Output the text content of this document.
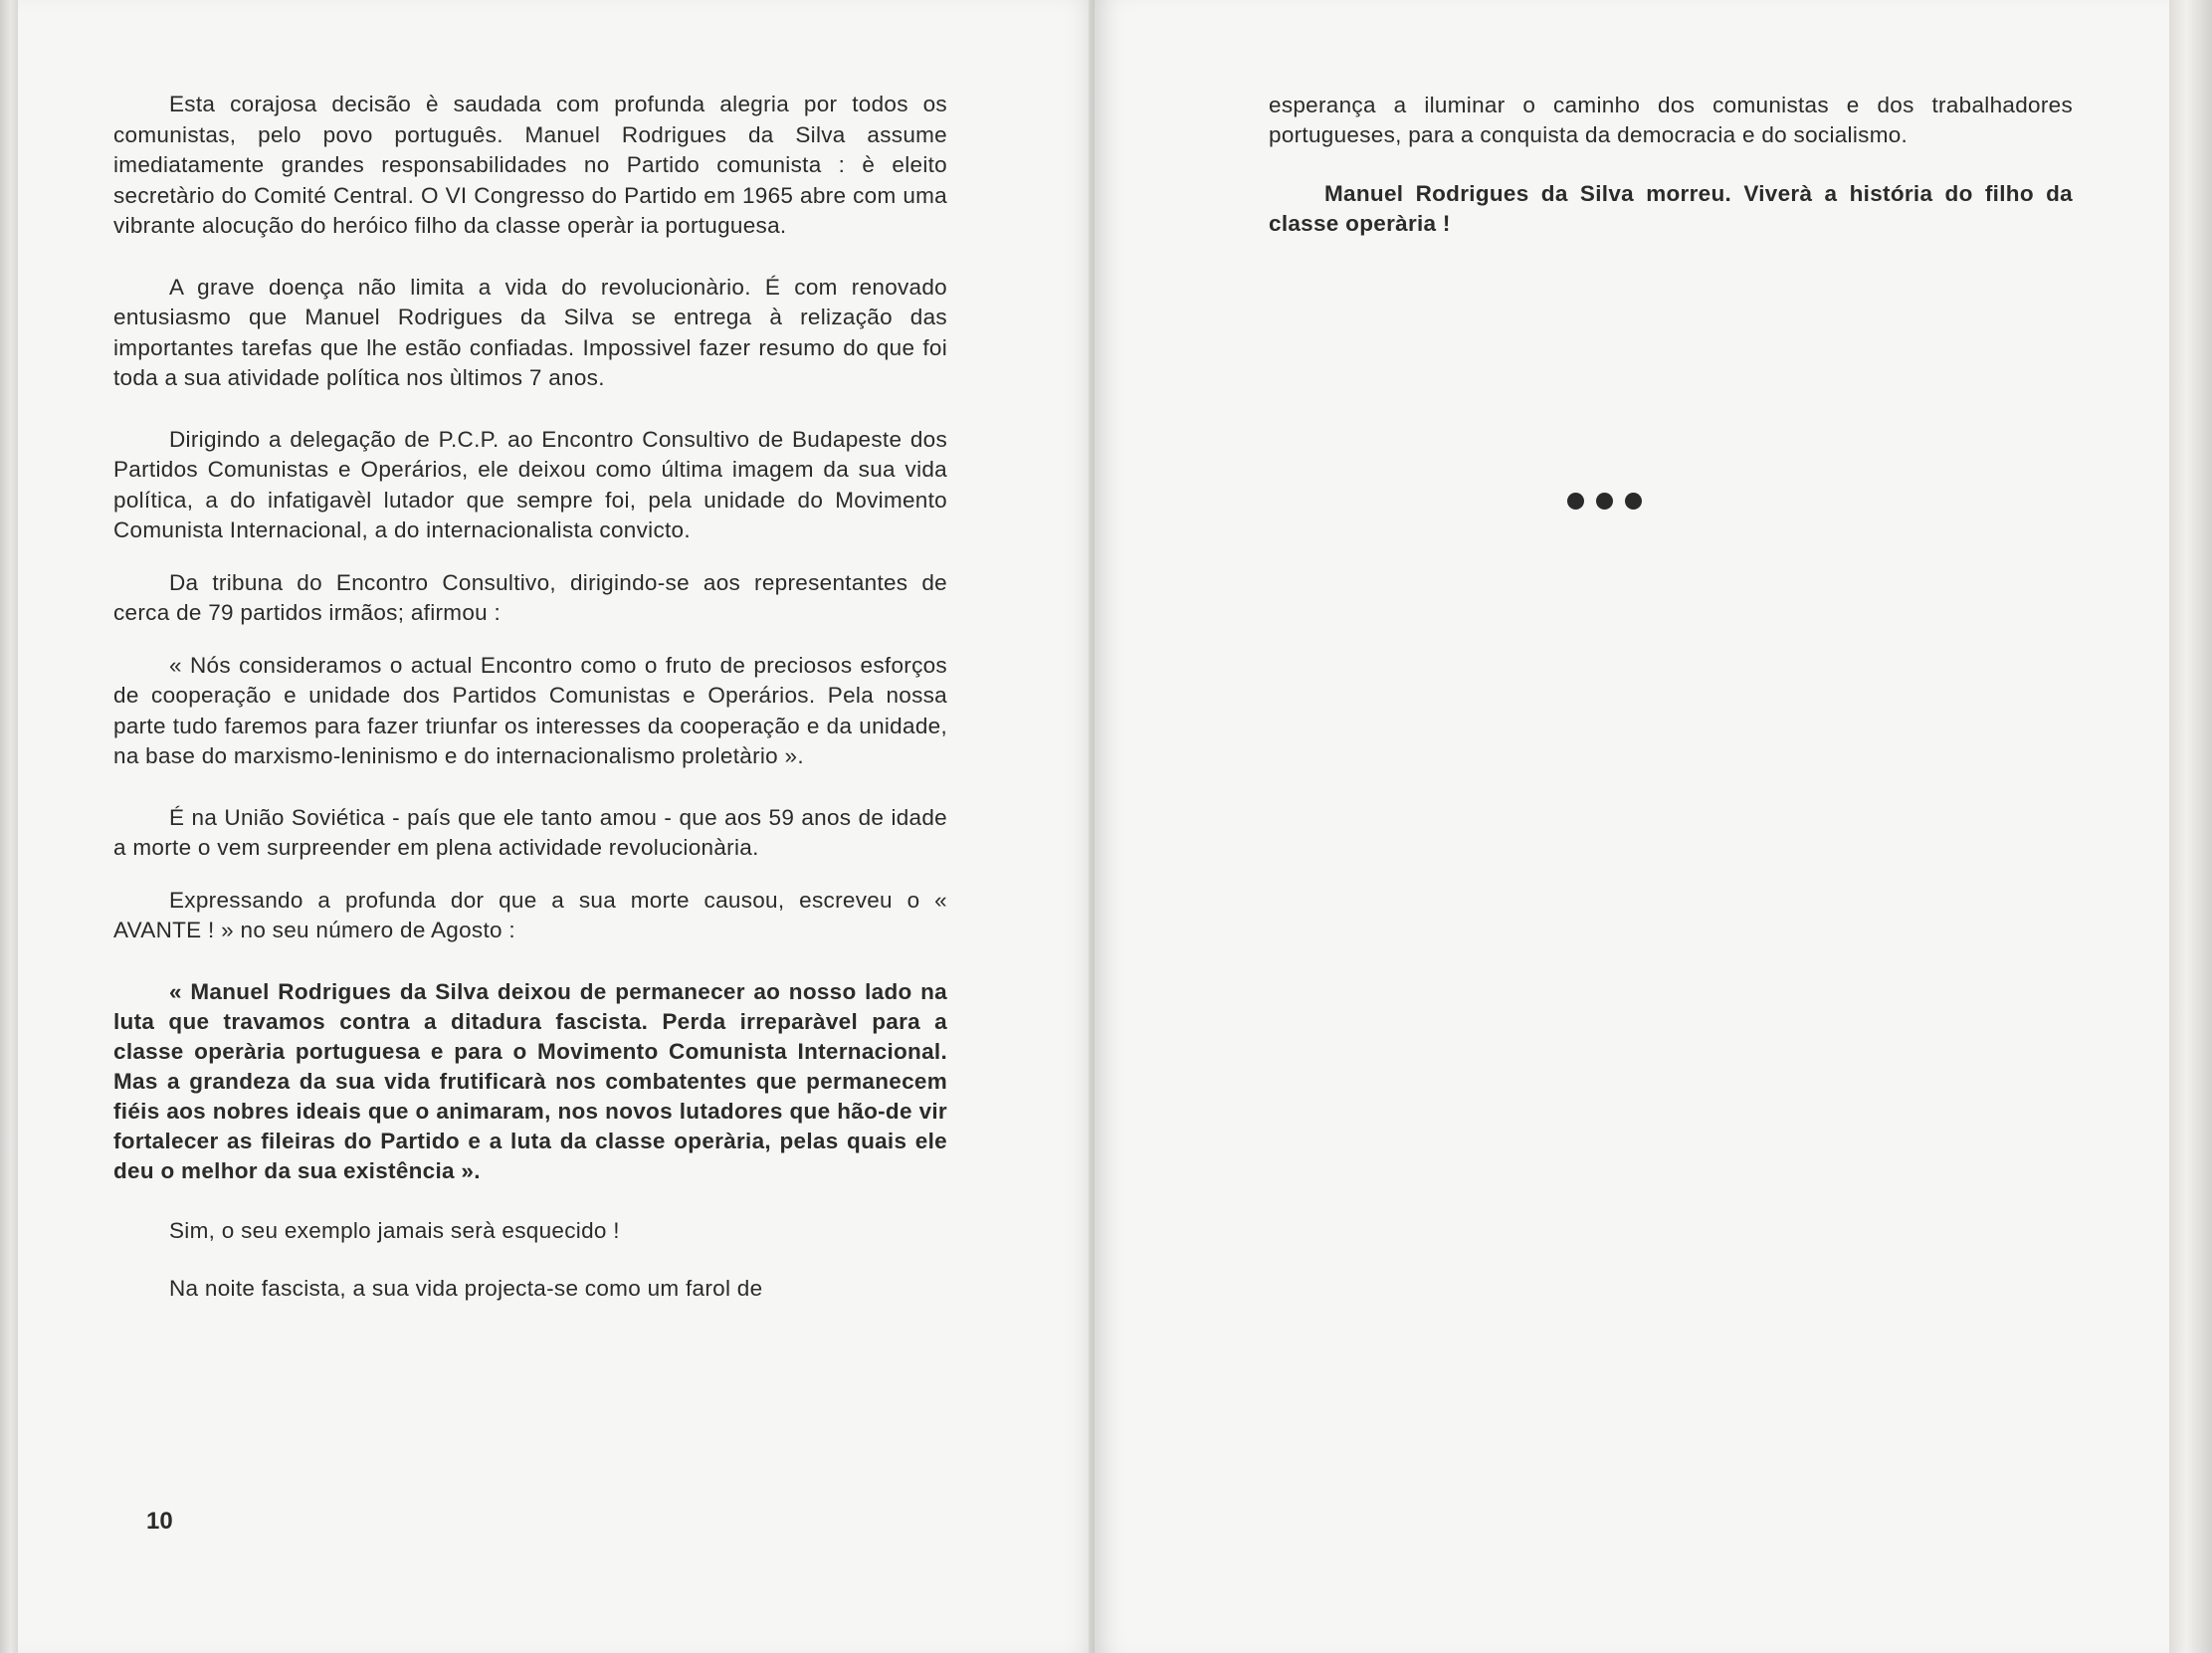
Esta corajosa decisão è saudada com profunda alegria por todos os comunistas, pelo povo português. Manuel Rodrigues da Silva assume imediatamente grandes responsabilidades no Partido comunista : è eleito secretàrio do Comité Central. O VI Congresso do Partido em 1965 abre com uma vibrante alocução do heróico filho da classe operàr ia portuguesa.

A grave doença não limita a vida do revolucionàrio. É com renovado entusiasmo que Manuel Rodrigues da Silva se entrega à relização das importantes tarefas que lhe estão confiadas. Impossivel fazer resumo do que foi toda a sua atividade política nos ùltimos 7 anos.

Dirigindo a delegação de P.C.P. ao Encontro Consultivo de Budapeste dos Partidos Comunistas e Operários, ele deixou como última imagem da sua vida política, a do infatigavèl lutador que sempre foi, pela unidade do Movimento Comunista Internacional, a do internacionalista convicto.

Da tribuna do Encontro Consultivo, dirigindo-se aos representantes de cerca de 79 partidos irmãos; afirmou :

« Nós consideramos o actual Encontro como o fruto de preciosos esforços de cooperação e unidade dos Partidos Comunistas e Operários. Pela nossa parte tudo faremos para fazer triunfar os interesses da cooperação e da unidade, na base do marxismo-leninismo e do internacionalismo proletàrio ».

É na União Soviética - país que ele tanto amou - que aos 59 anos de idade a morte o vem surpreender em plena actividade revolucionària.

Expressando a profunda dor que a sua morte causou, escreveu o « AVANTE ! » no seu número de Agosto :

« Manuel Rodrigues da Silva deixou de permanecer ao nosso lado na luta que travamos contra a ditadura fascista. Perda irreparàvel para a classe operària portuguesa e para o Movimento Comunista Internacional. Mas a grandeza da sua vida frutificarà nos combatentes que permanecem fiéis aos nobres ideais que o animaram, nos novos lutadores que hão-de vir fortalecer as fileiras do Partido e a luta da classe operària, pelas quais ele deu o melhor da sua existência ».

Sim, o seu exemplo jamais serà esquecido !

Na noite fascista, a sua vida projecta-se como um farol de

10

esperança a iluminar o caminho dos comunistas e dos trabalhadores portugueses, para a conquista da democracia e do socialismo.

Manuel Rodrigues da Silva morreu. Viverà a história do filho da classe operària !
